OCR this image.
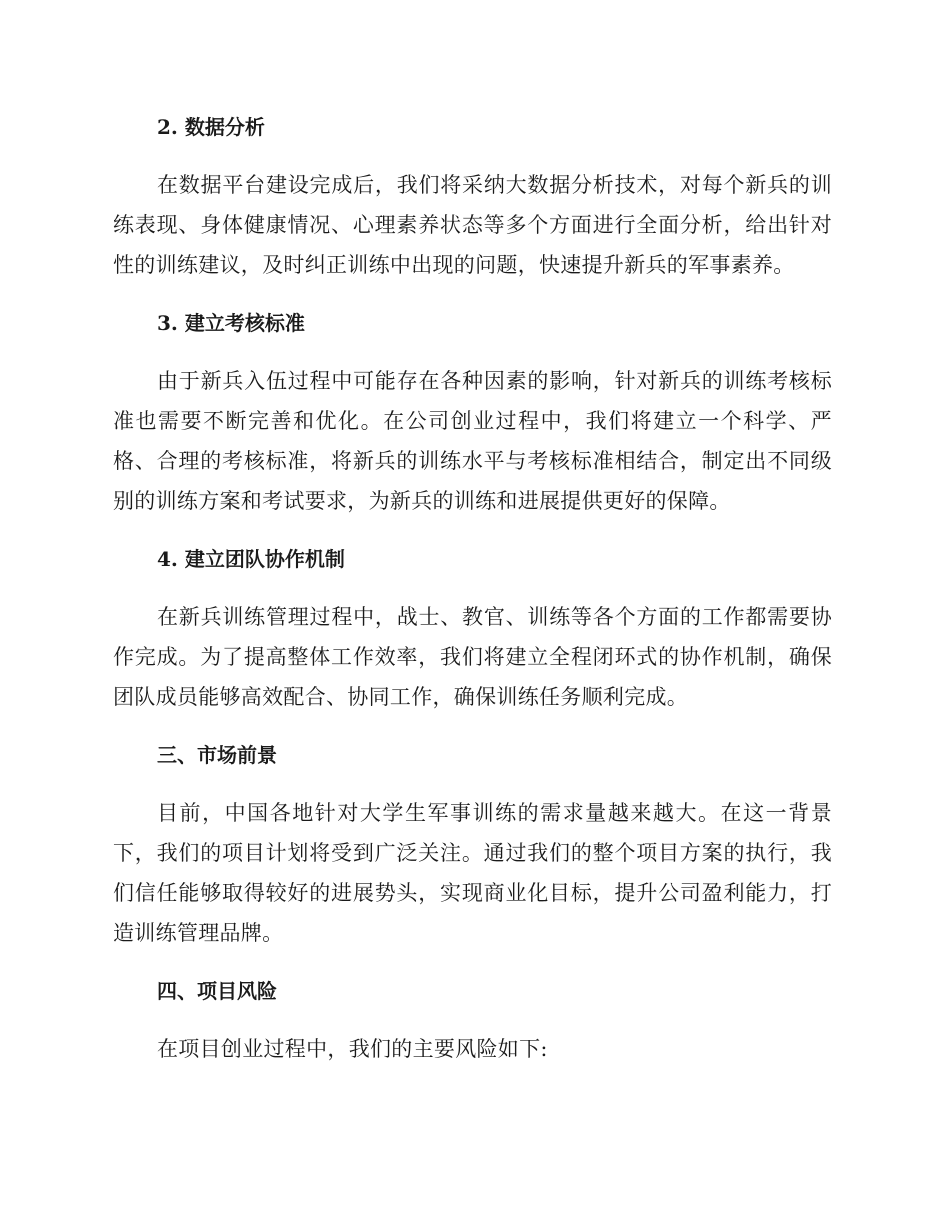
2. 数据分析

在数据平台建设完成后，我们将采纳大数据分析技术，对每个新兵的训练表现、身体健康情况、心理素养状态等多个方面进行全面分析，给出针对性的训练建议，及时纠正训练中出现的问题，快速提升新兵的军事素养。

3. 建立考核标准

由于新兵入伍过程中可能存在各种因素的影响，针对新兵的训练考核标准也需要不断完善和优化。在公司创业过程中，我们将建立一个科学、严格、合理的考核标准，将新兵的训练水平与考核标准相结合，制定出不同级别的训练方案和考试要求，为新兵的训练和进展提供更好的保障。

4. 建立团队协作机制

在新兵训练管理过程中，战士、教官、训练等各个方面的工作都需要协作完成。为了提高整体工作效率，我们将建立全程闭环式的协作机制，确保团队成员能够高效配合、协同工作，确保训练任务顺利完成。

三、市场前景

目前，中国各地针对大学生军事训练的需求量越来越大。在这一背景下，我们的项目计划将受到广泛关注。通过我们的整个项目方案的执行，我们信任能够取得较好的进展势头，实现商业化目标，提升公司盈利能力，打造训练管理品牌。

四、项目风险

在项目创业过程中，我们的主要风险如下:
